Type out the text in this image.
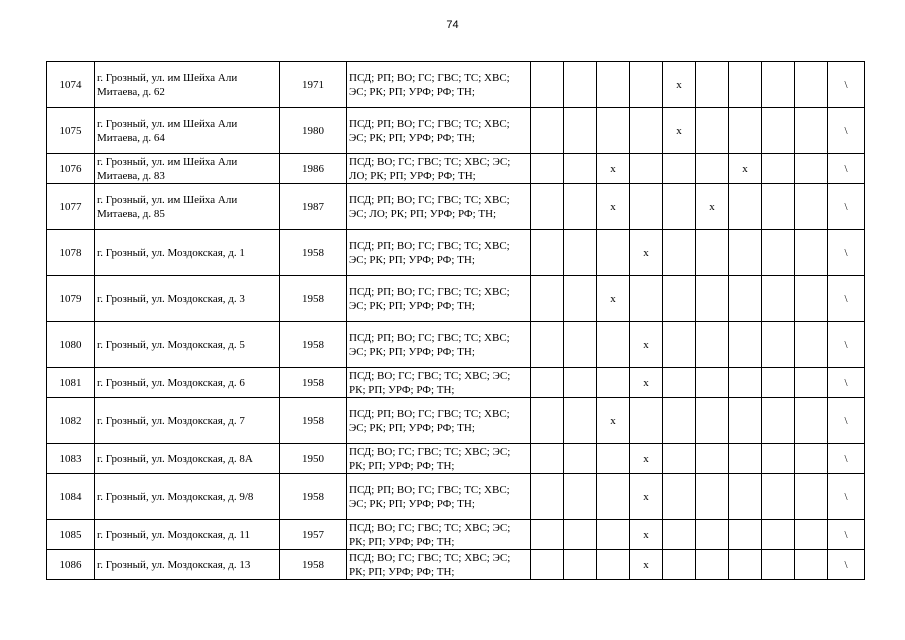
74
1074	г. Грозный, ул. им Шейха Али Митаева, д. 62	1971	ПСД; РП; ВО; ГС; ГВС; ТС; ХВС;
ЭС; РК; РП; УРФ; РФ; ТН;					x					\
1075	г. Грозный, ул. им Шейха Али Митаева, д. 64	1980	ПСД; РП; ВО; ГС; ГВС; ТС; ХВС;
ЭС; РК; РП; УРФ; РФ; ТН;					x					\
1076	г. Грозный, ул. им Шейха Али Митаева, д. 83	1986	ПСД; ВО; ГС; ГВС; ТС; ХВС; ЭС;
ЛО; РК; РП; УРФ; РФ; ТН;			x				x			\
1077	г. Грозный, ул. им Шейха Али Митаева, д. 85	1987	ПСД; РП; ВО; ГС; ГВС; ТС; ХВС;
ЭС; ЛО; РК; РП; УРФ; РФ; ТН;			x			x				\
1078	г. Грозный, ул. Моздокская, д. 1	1958	ПСД; РП; ВО; ГС; ГВС; ТС; ХВС;
ЭС; РК; РП; УРФ; РФ; ТН;				x						\
1079	г. Грозный, ул. Моздокская, д. 3	1958	ПСД; РП; ВО; ГС; ГВС; ТС; ХВС;
ЭС; РК; РП; УРФ; РФ; ТН;			x							\
1080	г. Грозный, ул. Моздокская, д. 5	1958	ПСД; РП; ВО; ГС; ГВС; ТС; ХВС;
ЭС; РК; РП; УРФ; РФ; ТН;				x						\
1081	г. Грозный, ул. Моздокская, д. 6	1958	ПСД; ВО; ГС; ГВС; ТС; ХВС; ЭС;
РК; РП; УРФ; РФ; ТН;				x						\
1082	г. Грозный, ул. Моздокская, д. 7	1958	ПСД; РП; ВО; ГС; ГВС; ТС; ХВС;
ЭС; РК; РП; УРФ; РФ; ТН;			x							\
1083	г. Грозный, ул. Моздокская, д. 8А	1950	ПСД; ВО; ГС; ГВС; ТС; ХВС; ЭС;
РК; РП; УРФ; РФ; ТН;				x						\
1084	г. Грозный, ул. Моздокская, д. 9/8	1958	ПСД; РП; ВО; ГС; ГВС; ТС; ХВС;
ЭС; РК; РП; УРФ; РФ; ТН;				x						\
1085	г. Грозный, ул. Моздокская, д. 11	1957	ПСД; ВО; ГС; ГВС; ТС; ХВС; ЭС;
РК; РП; УРФ; РФ; ТН;				x						\
1086	г. Грозный, ул. Моздокская, д. 13	1958	ПСД; ВО; ГС; ГВС; ТС; ХВС; ЭС;
РК; РП; УРФ; РФ; ТН;				x						\
